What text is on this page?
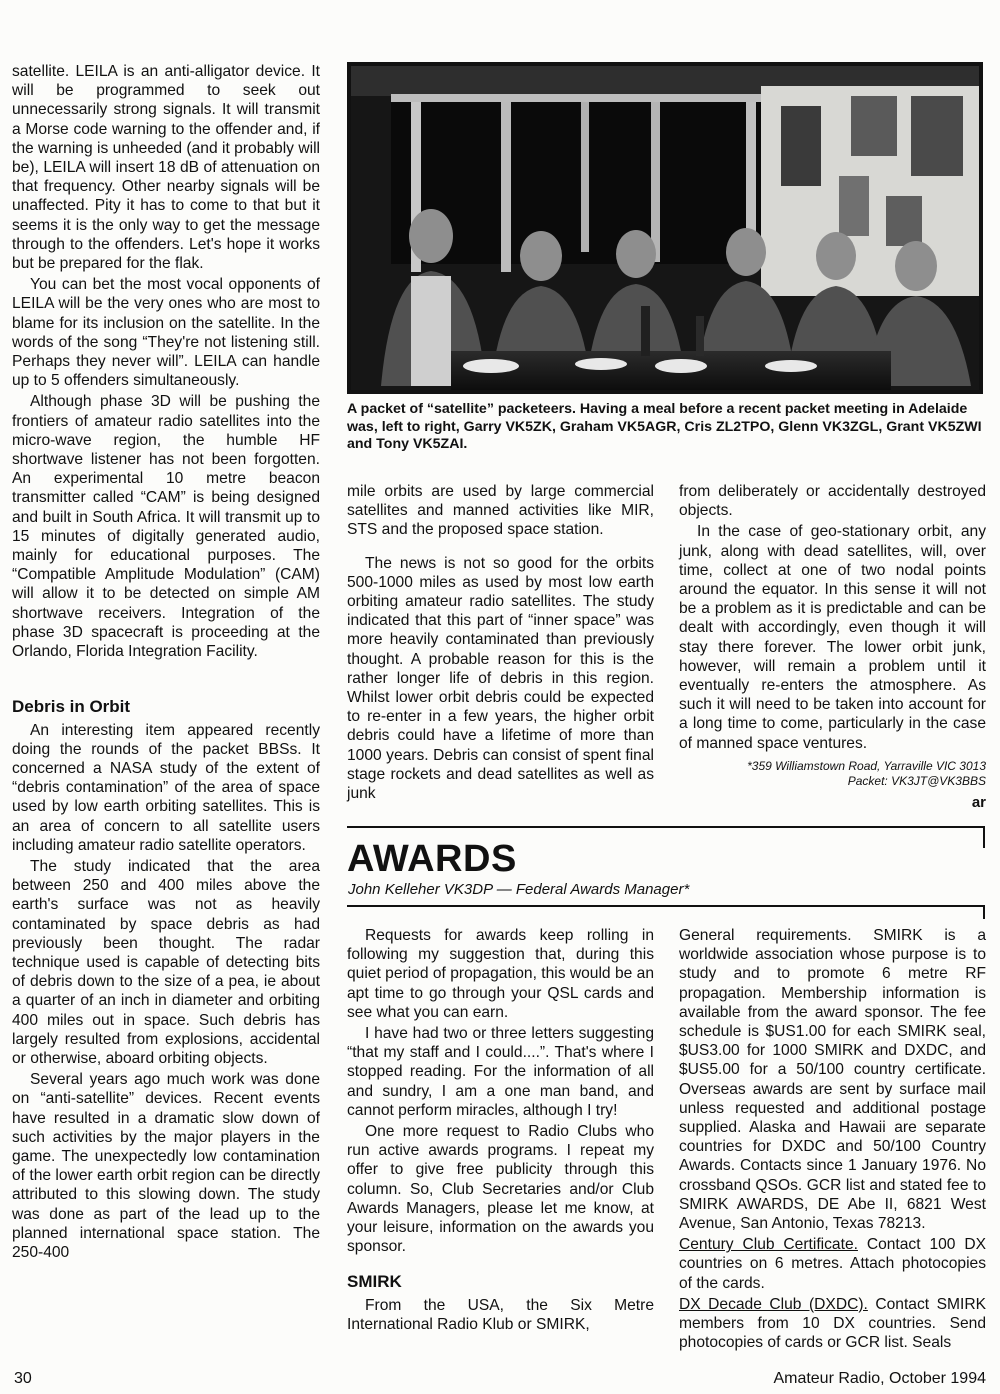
satellite. LEILA is an anti-alligator device. It will be programmed to seek out unnecessarily strong signals. It will transmit a Morse code warning to the offender and, if the warning is unheeded (and it probably will be), LEILA will insert 18 dB of attenuation on that frequency. Other nearby signals will be unaffected. Pity it has to come to that but it seems it is the only way to get the message through to the offenders. Let's hope it works but be prepared for the flak.

You can bet the most vocal opponents of LEILA will be the very ones who are most to blame for its inclusion on the satellite. In the words of the song “They're not listening still. Perhaps they never will”. LEILA can handle up to 5 offenders simultaneously.

Although phase 3D will be pushing the frontiers of amateur radio satellites into the micro-wave region, the humble HF shortwave listener has not been forgotten. An experimental 10 metre beacon transmitter called “CAM” is being designed and built in South Africa. It will transmit up to 15 minutes of digitally generated audio, mainly for educational purposes. The “Compatible Amplitude Modulation” (CAM) will allow it to be detected on simple AM shortwave receivers. Integration of the phase 3D spacecraft is proceeding at the Orlando, Florida Integration Facility.

Debris in Orbit

An interesting item appeared recently doing the rounds of the packet BBSs. It concerned a NASA study of the extent of “debris contamination” of the area of space used by low earth orbiting satellites. This is an area of concern to all satellite users including amateur radio satellite operators.

The study indicated that the area between 250 and 400 miles above the earth's surface was not as heavily contaminated by space debris as had previously been thought. The radar technique used is capable of detecting bits of debris down to the size of a pea, ie about a quarter of an inch in diameter and orbiting 400 miles out in space. Such debris has largely resulted from explosions, accidental or otherwise, aboard orbiting objects.

Several years ago much work was done on “anti-satellite” devices. Recent events have resulted in a dramatic slow down of such activities by the major players in the game. The unexpectedly low contamination of the lower earth orbit region can be directly attributed to this slowing down. The study was done as part of the lead up to the planned international space station. The 250-400

A packet of “satellite” packeteers. Having a meal before a recent packet meeting in Adelaide was, left to right, Garry VK5ZK, Graham VK5AGR, Cris ZL2TPO, Glenn VK3ZGL, Grant VK5ZWI and Tony VK5ZAI.

mile orbits are used by large commercial satellites and manned activities like MIR, STS and the proposed space station.

The news is not so good for the orbits 500-1000 miles as used by most low earth orbiting amateur radio satellites. The study indicated that this part of “inner space” was more heavily contaminated than previously thought. A probable reason for this is the rather longer life of debris in this region. Whilst lower orbit debris could be expected to re-enter in a few years, the higher orbit debris could have a lifetime of more than 1000 years. Debris can consist of spent final stage rockets and dead satellites as well as junk

from deliberately or accidentally destroyed objects.

In the case of geo-stationary orbit, any junk, along with dead satellites, will, over time, collect at one of two nodal points around the equator. In this sense it will not be a problem as it is predictable and can be dealt with accordingly, even though it will stay there forever. The lower orbit junk, however, will remain a problem until it eventually re-enters the atmosphere. As such it will need to be taken into account for a long time to come, particularly in the case of manned space ventures.

*359 Williamstown Road, Yarraville VIC 3013
Packet: VK3JT@VK3BBS
ar
AWARDS
John Kelleher VK3DP — Federal Awards Manager*

Requests for awards keep rolling in following my suggestion that, during this quiet period of propagation, this would be an apt time to go through your QSL cards and see what you can earn.

I have had two or three letters suggesting “that my staff and I could....”. That's where I stopped reading. For the information of all and sundry, I am a one man band, and cannot perform miracles, although I try!

One more request to Radio Clubs who run active awards programs. I repeat my offer to give free publicity through this column. So, Club Secretaries and/or Club Awards Managers, please let me know, at your leisure, information on the awards you sponsor.

SMIRK

From the USA, the Six Metre International Radio Klub or SMIRK,

General requirements. SMIRK is a worldwide association whose purpose is to study and to promote 6 metre RF propagation. Membership information is available from the award sponsor. The fee schedule is $US1.00 for each SMIRK seal, $US3.00 for 1000 SMIRK and DXDC, and $US5.00 for a 50/100 country certificate. Overseas awards are sent by surface mail unless requested and additional postage supplied. Alaska and Hawaii are separate countries for DXDC and 50/100 Country Awards. Contacts since 1 January 1976. No crossband QSOs. GCR list and stated fee to SMIRK AWARDS, DE Abe II, 6821 West Avenue, San Antonio, Texas 78213.

Century Club Certificate. Contact 100 DX countries on 6 metres. Attach photocopies of the cards.

DX Decade Club (DXDC). Contact SMIRK members from 10 DX countries. Send photocopies of cards or GCR list. Seals

30	Amateur Radio, October 1994
